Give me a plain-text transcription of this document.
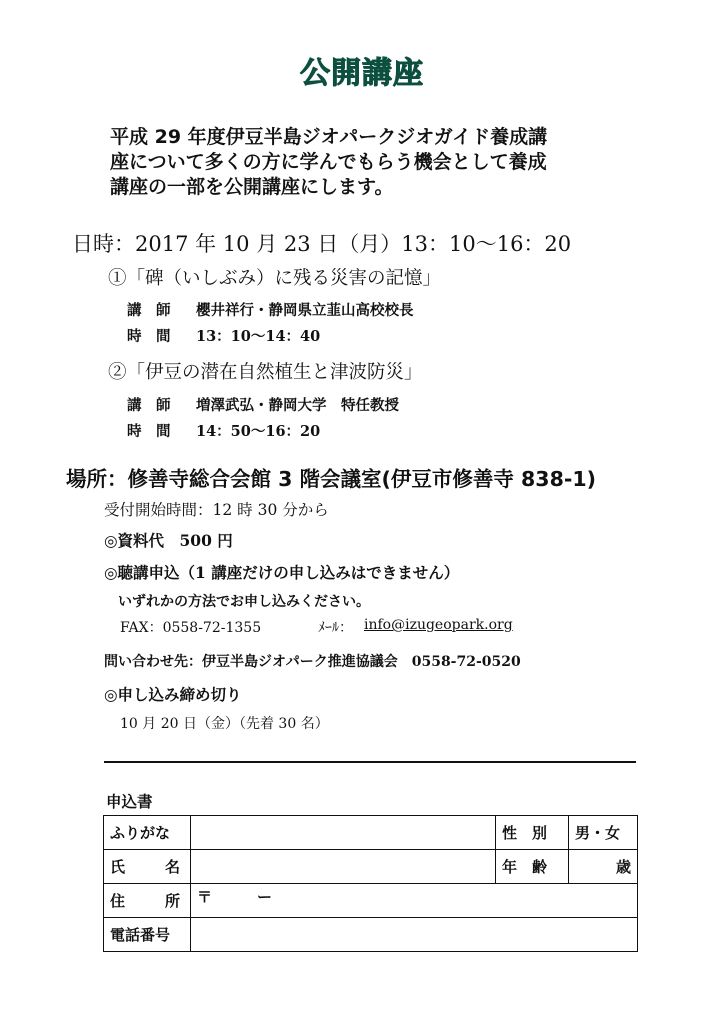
公開講座
平成 29 年度伊豆半島ジオパークジオガイド養成講
座について多くの方に学んでもらう機会として養成
講座の一部を公開講座にします。
日時：2017 年 10 月 23 日（月）13：10～16：20
①「碑（いしぶみ）に残る災害の記憶」
講　師 櫻井祥行・静岡県立韮山高校校長
時　間 13：10～14：40
②「伊豆の潜在自然植生と津波防災」
講　師 増澤武弘・静岡大学　特任教授
時　間 14：50～16：20
場所：修善寺総合会館 3 階会議室(伊豆市修善寺 838-1)
受付開始時間：12 時 30 分から
◎資料代　500 円
◎聴講申込（1 講座だけの申し込みはできません）
いずれかの方法でお申し込みください。
FAX：0558-72-1355	ﾒｰﾙ： info@izugeopark.org
問い合わせ先：伊豆半島ジオパーク推進協議会　0558-72-0520
◎申し込み締め切り
10 月 20 日（金）（先着 30 名）
申込書
ふりがな		性　別	男・女

氏 名		年　齢	歳

住 所	〒　　　ー		
電話番号			
